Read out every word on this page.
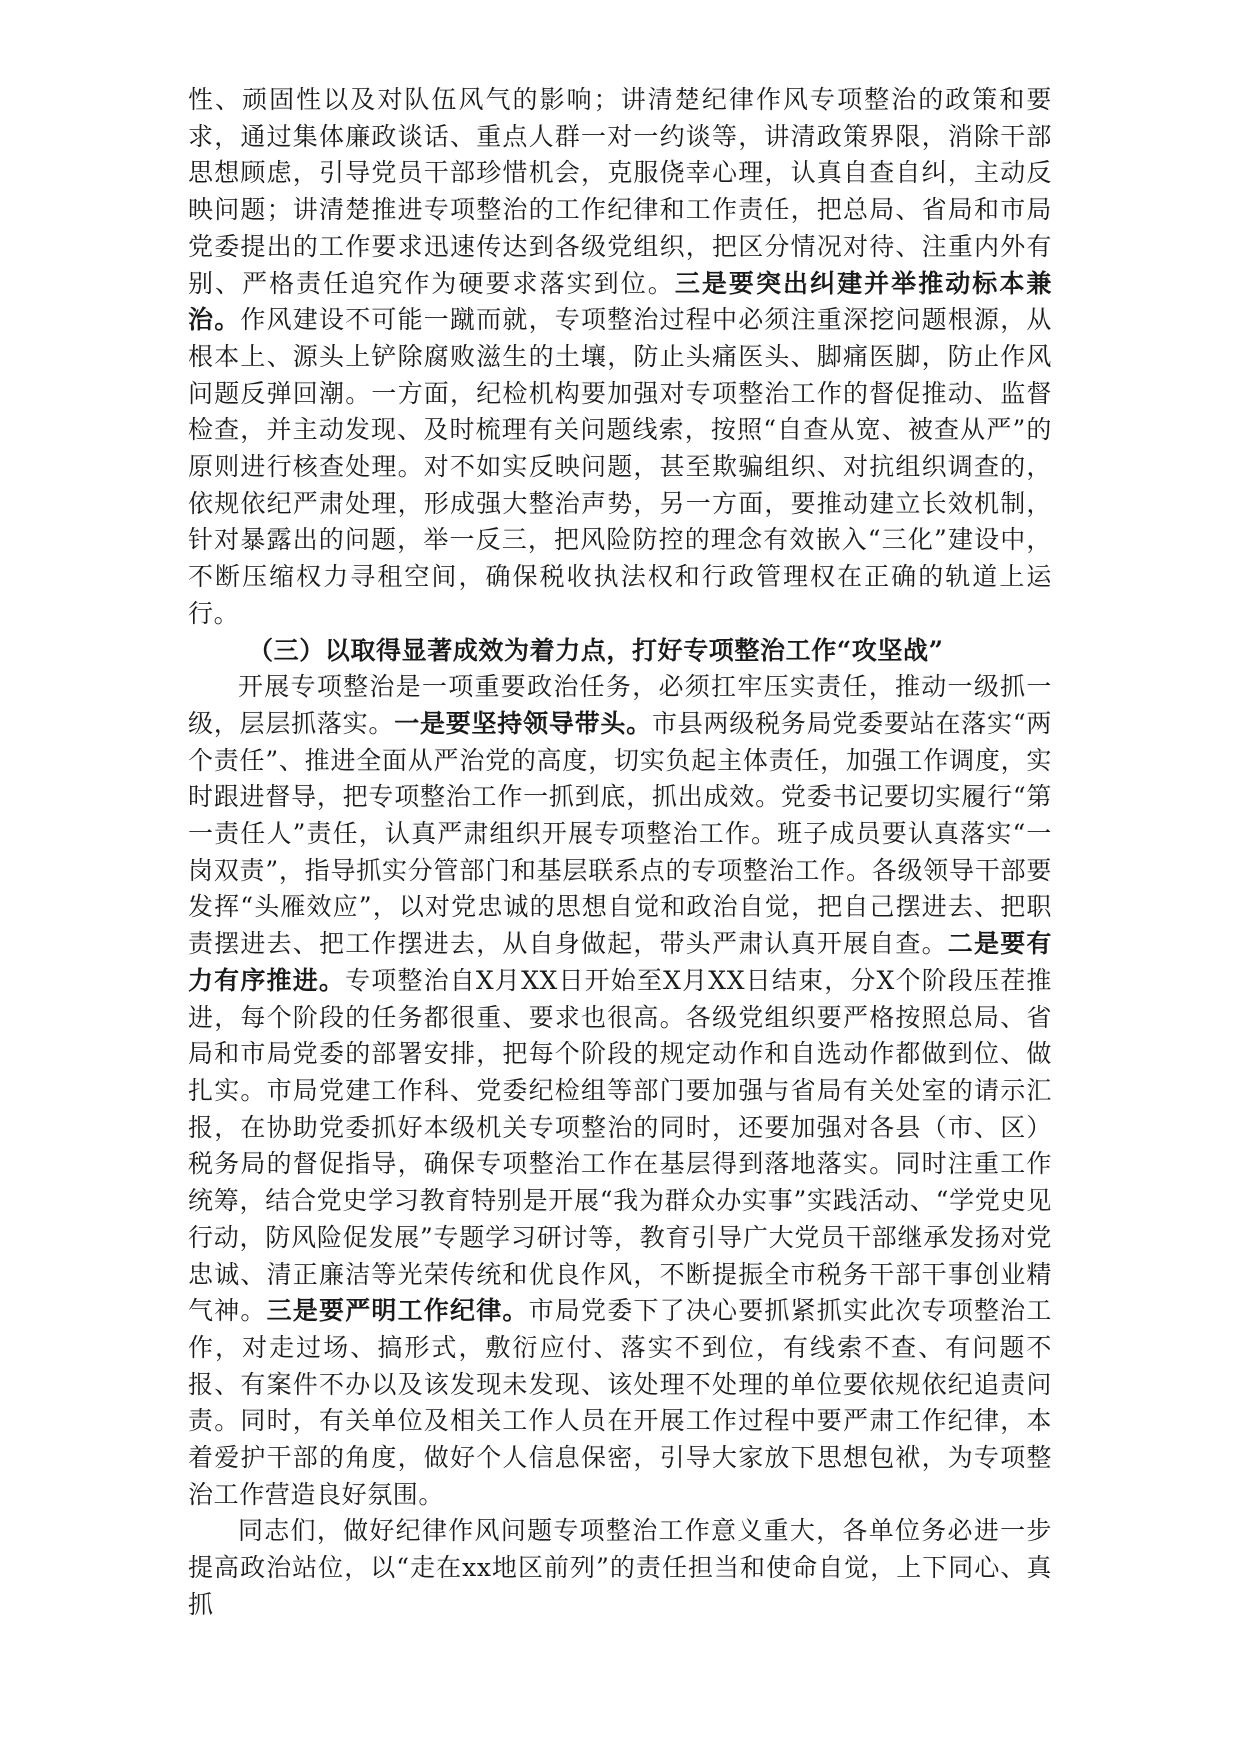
性、顽固性以及对队伍风气的影响；讲清楚纪律作风专项整治的政策和要求，通过集体廉政谈话、重点人群一对一约谈等，讲清政策界限，消除干部思想顾虑，引导党员干部珍惜机会，克服侥幸心理，认真自查自纠，主动反映问题；讲清楚推进专项整治的工作纪律和工作责任，把总局、省局和市局党委提出的工作要求迅速传达到各级党组织，把区分情况对待、注重内外有别、严格责任追究作为硬要求落实到位。三是要突出纠建并举推动标本兼治。作风建设不可能一蹴而就，专项整治过程中必须注重深挖问题根源，从根本上、源头上铲除腐败滋生的土壤，防止头痛医头、脚痛医脚，防止作风问题反弹回潮。一方面，纪检机构要加强对专项整治工作的督促推动、监督检查，并主动发现、及时梳理有关问题线索，按照“自查从宽、被查从严”的原则进行核查处理。对不如实反映问题，甚至欺骗组织、对抗组织调查的，依规依纪严肃处理，形成强大整治声势，另一方面，要推动建立长效机制，针对暴露出的问题，举一反三，把风险防控的理念有效嵌入“三化”建设中，不断压缩权力寻租空间，确保税收执法权和行政管理权在正确的轨道上运行。

（三）以取得显著成效为着力点，打好专项整治工作“攻坚战”

开展专项整治是一项重要政治任务，必须扛牢压实责任，推动一级抓一级，层层抓落实。一是要坚持领导带头。市县两级税务局党委要站在落实“两个责任”、推进全面从严治党的高度，切实负起主体责任，加强工作调度，实时跟进督导，把专项整治工作一抓到底，抓出成效。党委书记要切实履行“第一责任人”责任，认真严肃组织开展专项整治工作。班子成员要认真落实“一岗双责”，指导抓实分管部门和基层联系点的专项整治工作。各级领导干部要发挥“头雁效应”，以对党忠诚的思想自觉和政治自觉，把自己摆进去、把职责摆进去、把工作摆进去，从自身做起，带头严肃认真开展自查。二是要有力有序推进。专项整治自X月XX日开始至X月XX日结束，分X个阶段压茬推进，每个阶段的任务都很重、要求也很高。各级党组织要严格按照总局、省局和市局党委的部署安排，把每个阶段的规定动作和自选动作都做到位、做扎实。市局党建工作科、党委纪检组等部门要加强与省局有关处室的请示汇报，在协助党委抓好本级机关专项整治的同时，还要加强对各县（市、区）税务局的督促指导，确保专项整治工作在基层得到落地落实。同时注重工作统筹，结合党史学习教育特别是开展“我为群众办实事”实践活动、“学党史见行动，防风险促发展”专题学习研讨等，教育引导广大党员干部继承发扬对党忠诚、清正廉洁等光荣传统和优良作风，不断提振全市税务干部干事创业精气神。三是要严明工作纪律。市局党委下了决心要抓紧抓实此次专项整治工作，对走过场、搞形式，敷衍应付、落实不到位，有线索不查、有问题不报、有案件不办以及该发现未发现、该处理不处理的单位要依规依纪追责问责。同时，有关单位及相关工作人员在开展工作过程中要严肃工作纪律，本着爱护干部的角度，做好个人信息保密，引导大家放下思想包袱，为专项整治工作营造良好氛围。

同志们，做好纪律作风问题专项整治工作意义重大，各单位务必进一步提高政治站位，以“走在xx地区前列”的责任担当和使命自觉，上下同心、真抓
